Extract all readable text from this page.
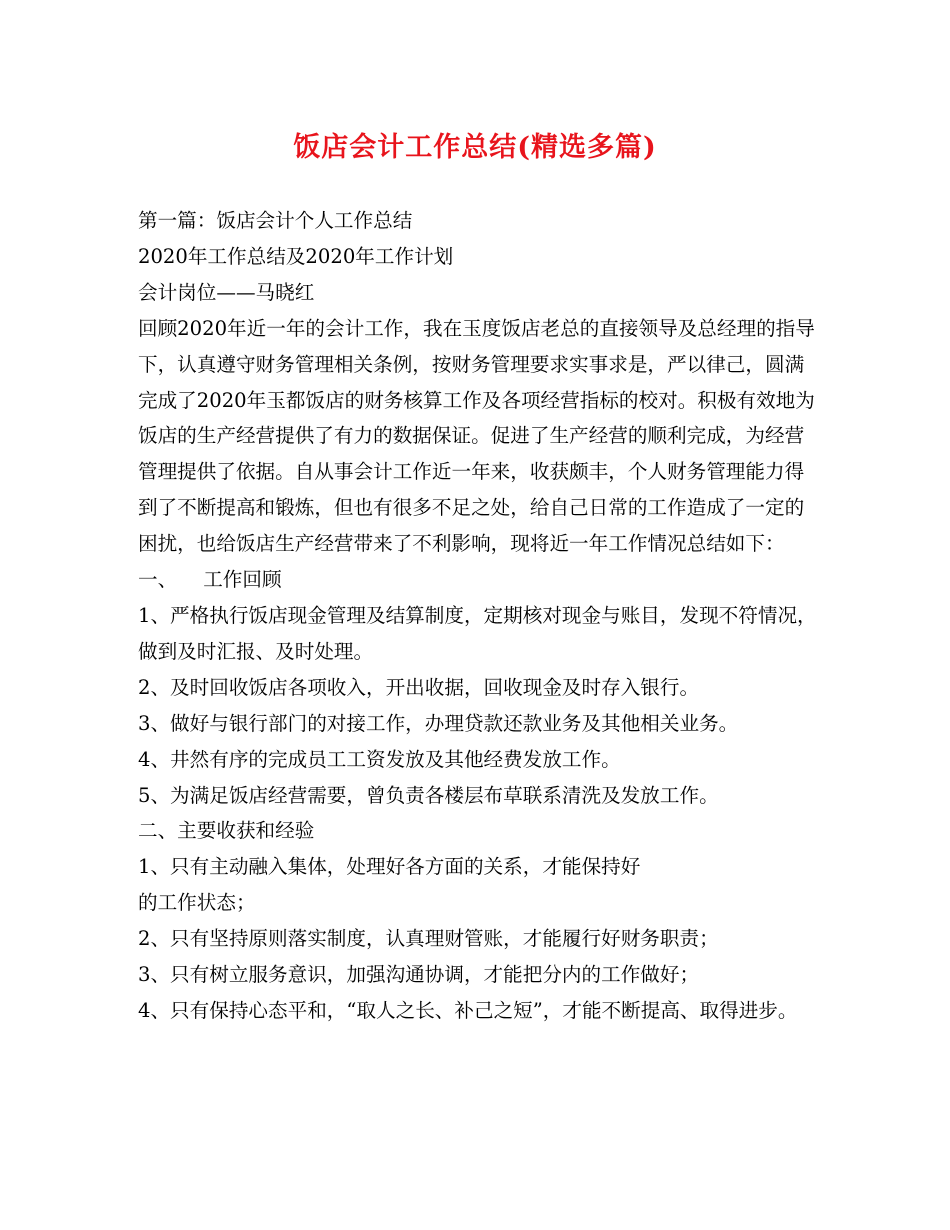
饭店会计工作总结(精选多篇)

第一篇：饭店会计个人工作总结

2020年工作总结及2020年工作计划

会计岗位——马晓红

回顾2020年近一年的会计工作，我在玉度饭店老总的直接领导及总经理的指导下，认真遵守财务管理相关条例，按财务管理要求实事求是，严以律己，圆满完成了2020年玉都饭店的财务核算工作及各项经营指标的校对。积极有效地为饭店的生产经营提供了有力的数据保证。促进了生产经营的顺利完成，为经营管理提供了依据。自从事会计工作近一年来，收获颇丰，个人财务管理能力得到了不断提高和锻炼，但也有很多不足之处，给自己日常的工作造成了一定的困扰，也给饭店生产经营带来了不利影响，现将近一年工作情况总结如下：

一、 工作回顾

1、严格执行饭店现金管理及结算制度，定期核对现金与账目，发现不符情况，做到及时汇报、及时处理。

2、及时回收饭店各项收入，开出收据，回收现金及时存入银行。

3、做好与银行部门的对接工作，办理贷款还款业务及其他相关业务。

4、井然有序的完成员工工资发放及其他经费发放工作。

5、为满足饭店经营需要，曾负责各楼层布草联系清洗及发放工作。

二、主要收获和经验

1、只有主动融入集体，处理好各方面的关系，才能保持好

的工作状态；

2、只有坚持原则落实制度，认真理财管账，才能履行好财务职责；

3、只有树立服务意识，加强沟通协调，才能把分内的工作做好；

4、只有保持心态平和，“取人之长、补己之短”，才能不断提高、取得进步。
